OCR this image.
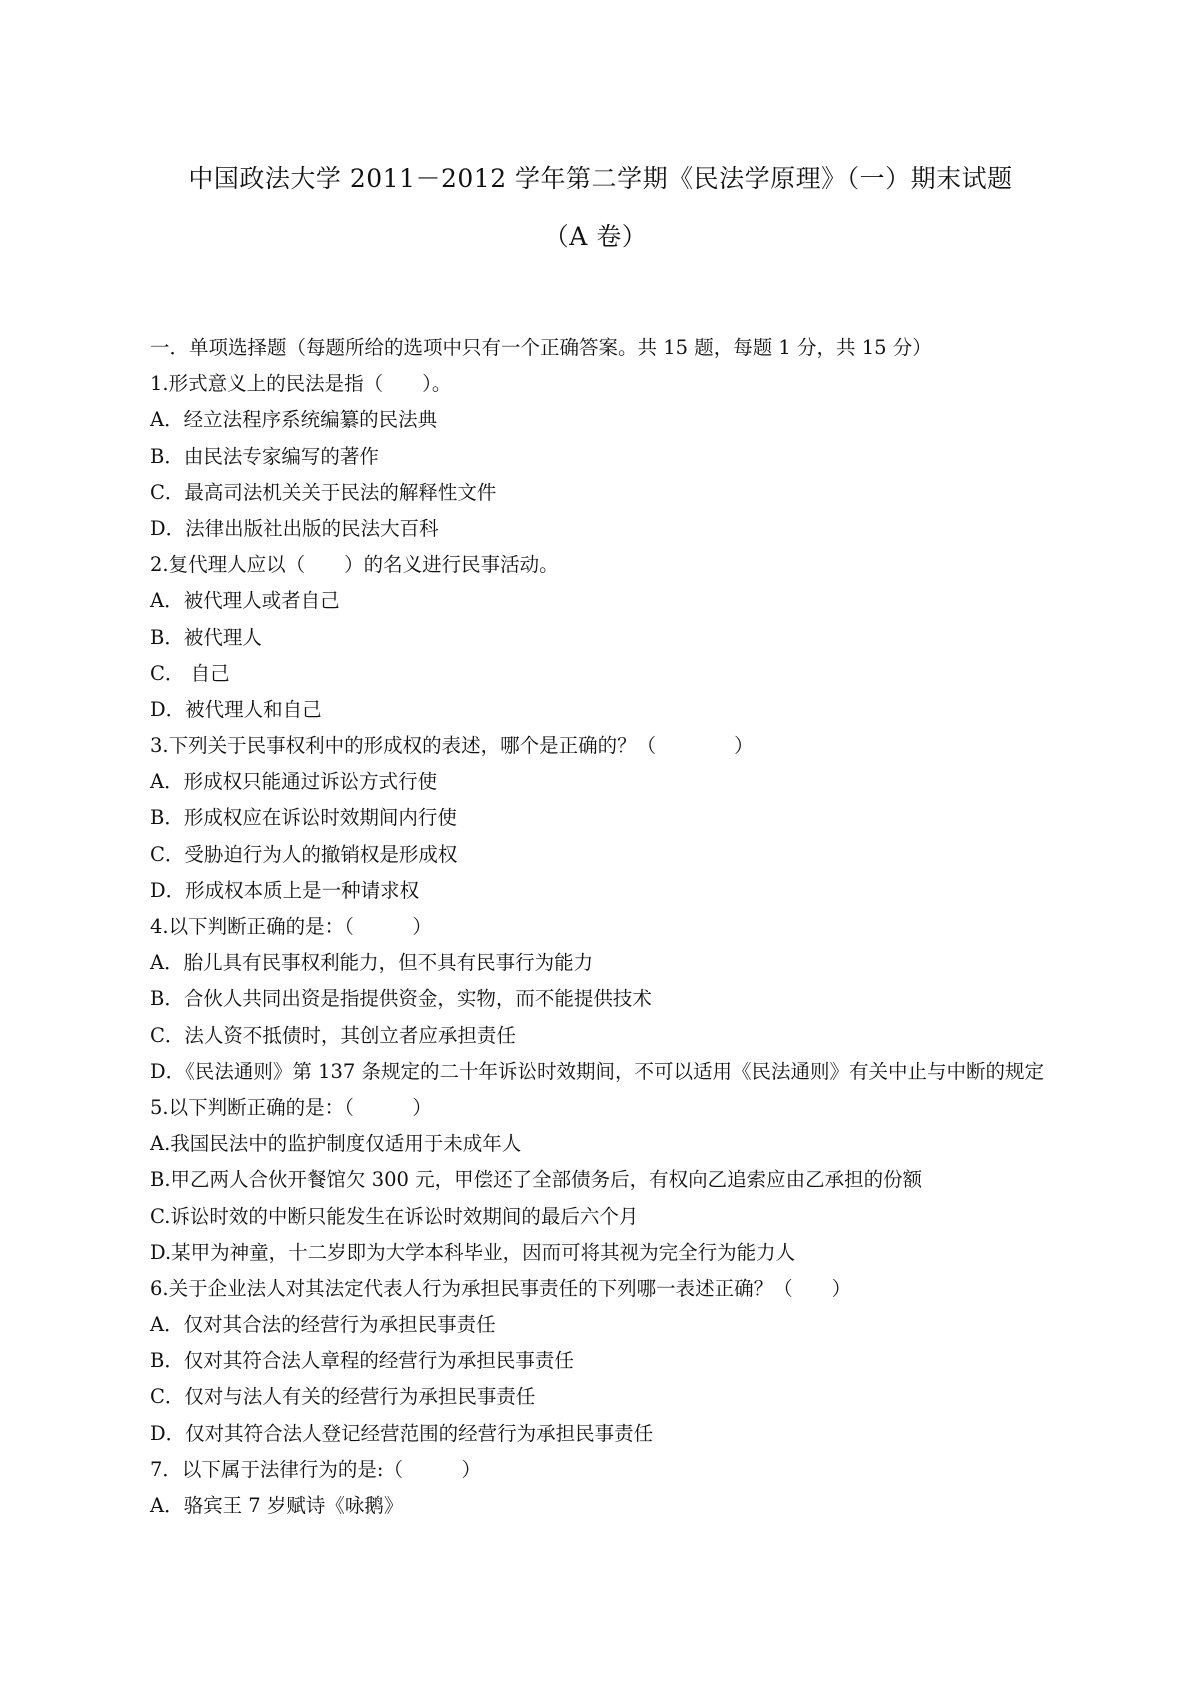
中国政法大学 2011－2012 学年第二学期《民法学原理》（一）期末试题
（A 卷）

一．单项选择题（每题所给的选项中只有一个正确答案。共 15 题，每题 1 分，共 15 分）

1.形式意义上的民法是指（　　）。

A．经立法程序系统编纂的民法典

B．由民法专家编写的著作

C．最高司法机关关于民法的解释性文件

D．法律出版社出版的民法大百科

2.复代理人应以（　　）的名义进行民事活动。

A．被代理人或者自己

B．被代理人

C． 自己

D．被代理人和自己

3.下列关于民事权利中的形成权的表述，哪个是正确的？（　　　　）

A．形成权只能通过诉讼方式行使

B．形成权应在诉讼时效期间内行使

C．受胁迫行为人的撤销权是形成权

D．形成权本质上是一种请求权

4.以下判断正确的是：（　　　）

A．胎儿具有民事权利能力，但不具有民事行为能力

B．合伙人共同出资是指提供资金，实物，而不能提供技术

C．法人资不抵债时，其创立者应承担责任

D．《民法通则》第 137 条规定的二十年诉讼时效期间，不可以适用《民法通则》有关中止与中断的规定

5.以下判断正确的是：（　　　）

A.我国民法中的监护制度仅适用于未成年人

B.甲乙两人合伙开餐馆欠 300 元，甲偿还了全部债务后，有权向乙追索应由乙承担的份额

C.诉讼时效的中断只能发生在诉讼时效期间的最后六个月

D.某甲为神童，十二岁即为大学本科毕业，因而可将其视为完全行为能力人

6.关于企业法人对其法定代表人行为承担民事责任的下列哪一表述正确？（　　）

A．仅对其合法的经营行为承担民事责任

B．仅对其符合法人章程的经营行为承担民事责任

C．仅对与法人有关的经营行为承担民事责任

D．仅对其符合法人登记经营范围的经营行为承担民事责任

7．以下属于法律行为的是:（　　　）

A．骆宾王 7 岁赋诗《咏鹅》
